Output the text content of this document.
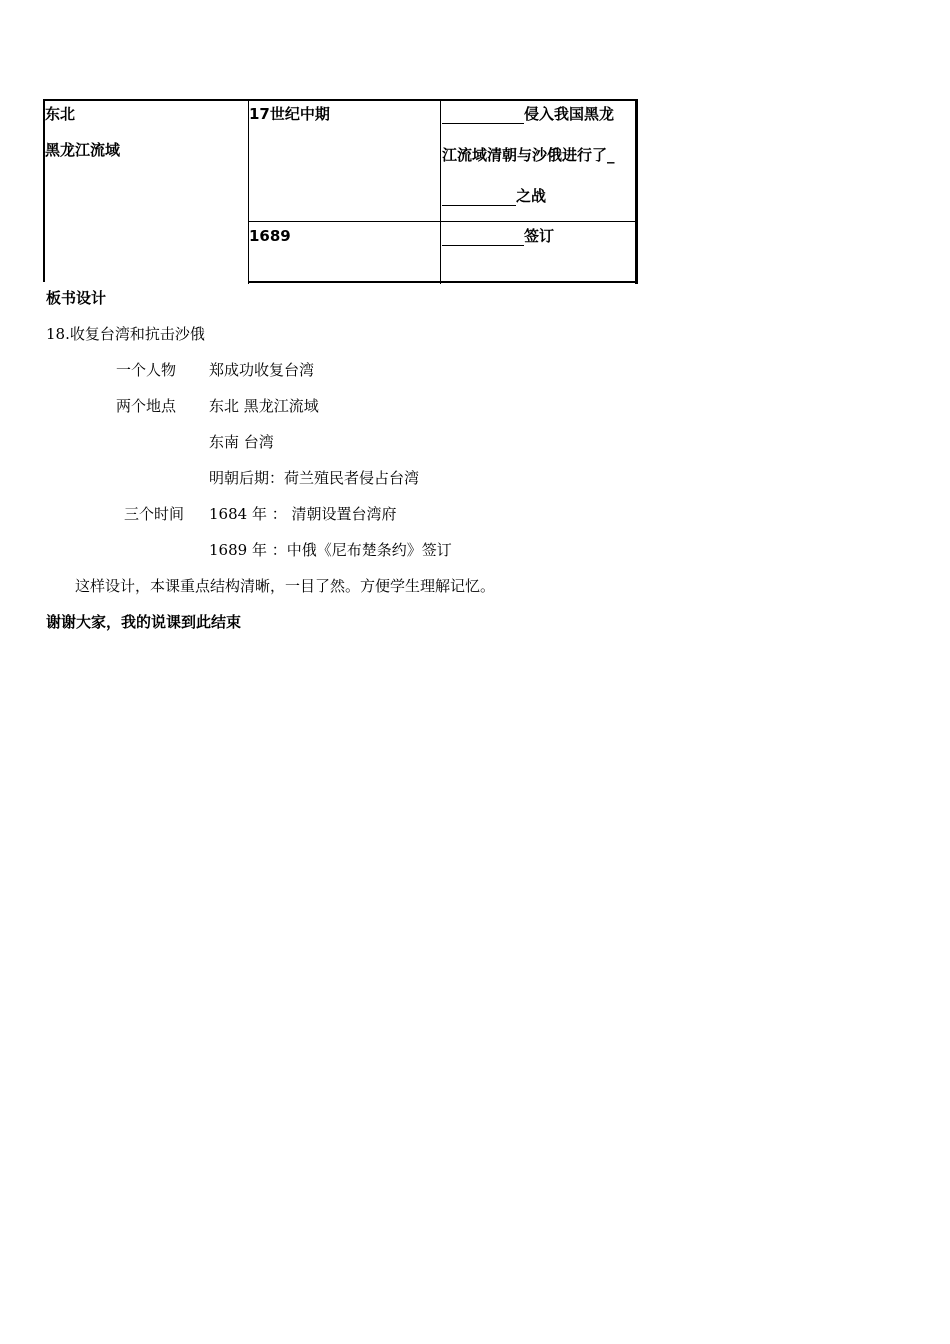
东北
黑龙江流域
17世纪中期
1689
侵入我国黑龙
江流域清朝与沙俄进行了_
之战
签订
板书设计
18.收复台湾和抗击沙俄
一个人物 郑成功收复台湾
两个地点 东北 黑龙江流域
东南 台湾
明朝后期：荷兰殖民者侵占台湾
三个时间 1684 年 ： 清朝设置台湾府
1689 年 ：中俄《尼布楚条约》签订
这样设计，本课重点结构清晰，一目了然。方便学生理解记忆。
谢谢大家，我的说课到此结束
